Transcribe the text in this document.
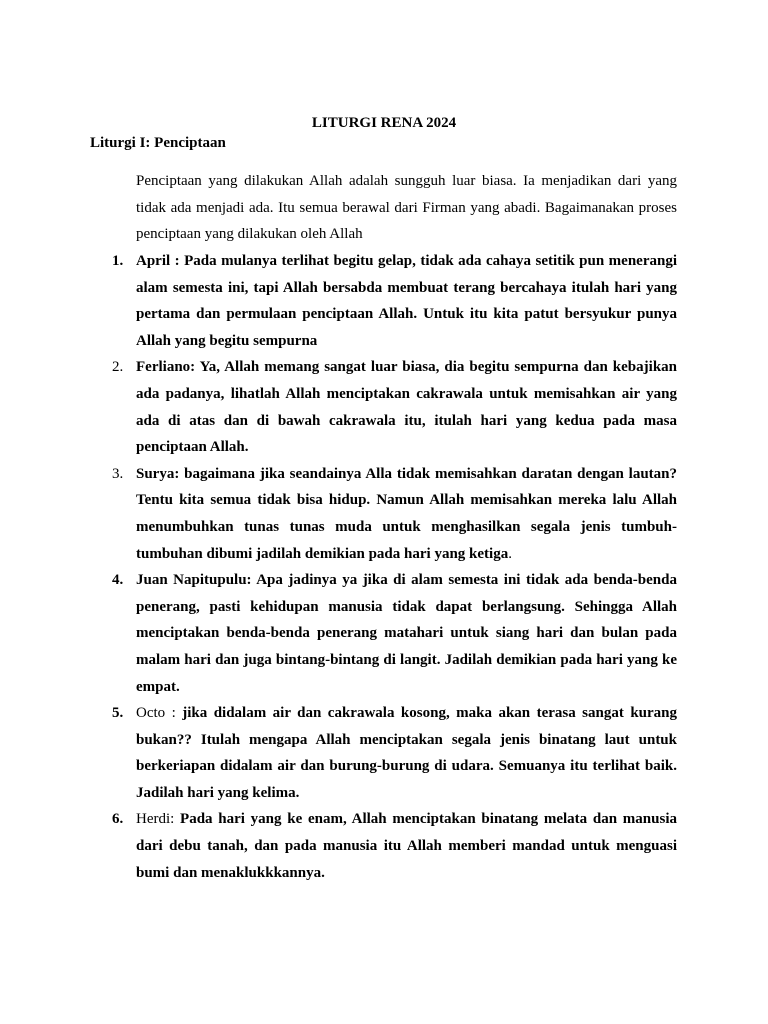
LITURGI RENA 2024
Liturgi I: Penciptaan

Penciptaan yang dilakukan Allah adalah sungguh luar biasa. Ia menjadikan dari yang tidak ada menjadi ada. Itu semua berawal dari Firman yang abadi. Bagaimanakan proses penciptaan yang dilakukan oleh Allah

1. April : Pada mulanya terlihat begitu gelap, tidak ada cahaya setitik pun menerangi alam semesta ini, tapi Allah bersabda membuat terang bercahaya itulah hari yang pertama dan permulaan penciptaan Allah. Untuk itu kita patut bersyukur punya Allah yang begitu sempurna
2. Ferliano: Ya, Allah memang sangat luar biasa, dia begitu sempurna dan kebajikan ada padanya, lihatlah Allah menciptakan cakrawala untuk memisahkan air yang ada di atas dan di bawah cakrawala itu, itulah hari yang kedua pada masa penciptaan Allah.
3. Surya: bagaimana jika seandainya Alla tidak memisahkan daratan dengan lautan? Tentu kita semua tidak bisa hidup. Namun Allah memisahkan mereka lalu Allah menumbuhkan tunas tunas muda untuk menghasilkan segala jenis tumbuh-tumbuhan dibumi jadilah demikian pada hari yang ketiga.
4. Juan Napitupulu: Apa jadinya ya jika di alam semesta ini tidak ada benda-benda penerang, pasti kehidupan manusia tidak dapat berlangsung. Sehingga Allah menciptakan benda-benda penerang matahari untuk siang hari dan bulan pada malam hari dan juga bintang-bintang di langit. Jadilah demikian pada hari yang ke empat.
5. Octo : jika didalam air dan cakrawala kosong, maka akan terasa sangat kurang bukan?? Itulah mengapa Allah menciptakan segala jenis binatang laut untuk berkeriapan didalam air dan burung-burung di udara. Semuanya itu terlihat baik. Jadilah hari yang kelima.
6. Herdi: Pada hari yang ke enam, Allah menciptakan binatang melata dan manusia dari debu tanah, dan pada manusia itu Allah memberi mandad untuk menguasi bumi dan menaklukkkannya.
